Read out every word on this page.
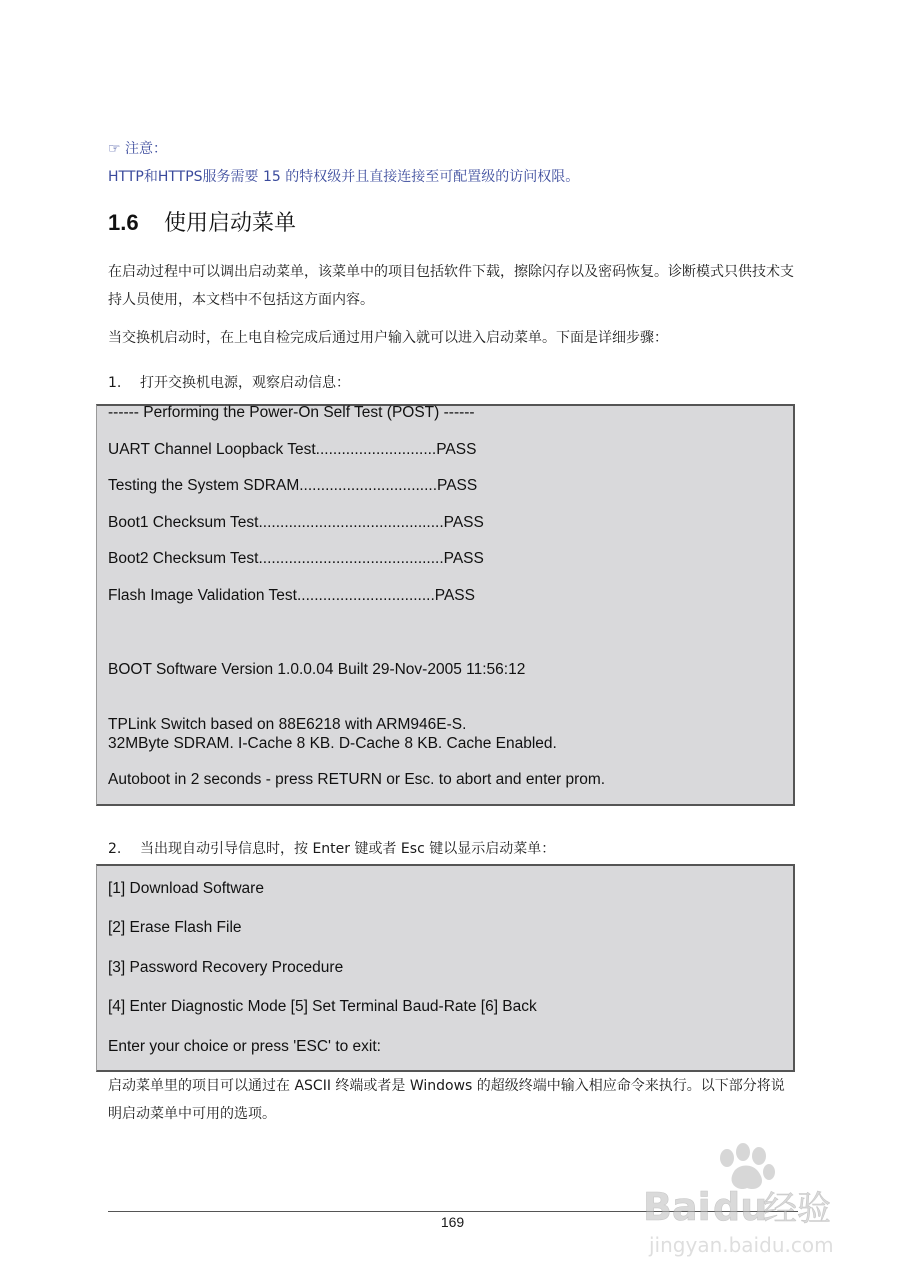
☞ 注意：
HTTP和HTTPS服务需要 15 的特权级并且直接连接至可配置级的访问权限。
1.6 使用启动菜单
在启动过程中可以调出启动菜单，该菜单中的项目包括软件下载，擦除闪存以及密码恢复。诊断模式只供技术支持人员使用，本文档中不包括这方面内容。
当交换机启动时，在上电自检完成后通过用户输入就可以进入启动菜单。下面是详细步骤：
1. 打开交换机电源，观察启动信息：
------ Performing the Power-On Self Test (POST) ------
UART Channel Loopback Test............................PASS
Testing the System SDRAM................................PASS
Boot1 Checksum Test...........................................PASS
Boot2 Checksum Test...........................................PASS
Flash Image Validation Test................................PASS
BOOT Software Version 1.0.0.04 Built 29-Nov-2005 11:56:12
TPLink Switch based on 88E6218 with ARM946E-S.
32MByte SDRAM. I-Cache 8 KB. D-Cache 8 KB. Cache Enabled.
Autoboot in 2 seconds - press RETURN or Esc. to abort and enter prom.
2. 当出现自动引导信息时，按 Enter 键或者 Esc 键以显示启动菜单：
[1] Download Software
[2] Erase Flash File
[3] Password Recovery Procedure
[4] Enter Diagnostic Mode [5] Set Terminal Baud-Rate [6] Back
Enter your choice or press 'ESC' to exit:
启动菜单里的项目可以通过在 ASCII 终端或者是 Windows 的超级终端中输入相应命令来执行。以下部分将说明启动菜单中可用的选项。
169	Bai du
经验
jingyan.baidu.com
